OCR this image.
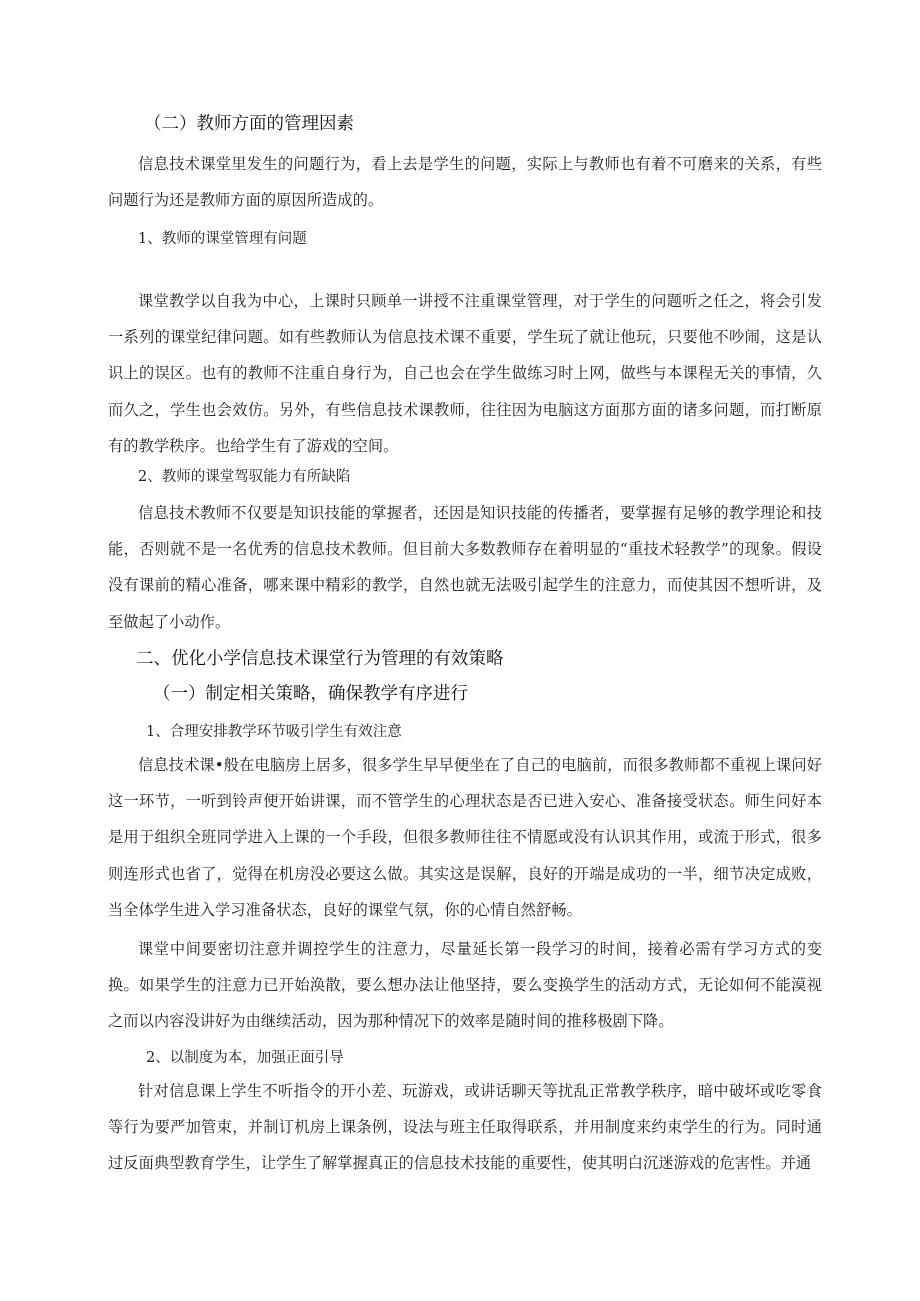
（二）教师方面的管理因素

信息技术课堂里发生的问题行为，看上去是学生的问题，实际上与教师也有着不可磨来的关系，有些问题行为还是教师方面的原因所造成的。

1、教师的课堂管理有问题

课堂教学以自我为中心，上课时只顾单一讲授不注重课堂管理，对于学生的问题听之任之，将会引发一系列的课堂纪律问题。如有些教师认为信息技术课不重要，学生玩了就让他玩，只要他不吵闹，这是认识上的误区。也有的教师不注重自身行为，自己也会在学生做练习时上网，做些与本课程无关的事情，久而久之，学生也会效仿。另外，有些信息技术课教师，往往因为电脑这方面那方面的诸多问题，而打断原有的教学秩序。也给学生有了游戏的空间。

2、教师的课堂驾驭能力有所缺陷

信息技术教师不仅要是知识技能的掌握者，还因是知识技能的传播者，要掌握有足够的教学理论和技能，否则就不是一名优秀的信息技术教师。但目前大多数教师存在着明显的“重技术轻教学”的现象。假设没有课前的精心准备，哪来课中精彩的教学，自然也就无法吸引起学生的注意力，而使其因不想听讲，及至做起了小动作。

二、优化小学信息技术课堂行为管理的有效策略
（一）制定相关策略，确保教学有序进行
1、合理安排教学环节吸引学生有效注意

信息技术课•般在电脑房上居多，很多学生早早便坐在了自己的电脑前，而很多教师都不重视上课问好这一环节，一听到铃声便开始讲课，而不管学生的心理状态是否已进入安心、准备接受状态。师生问好本是用于组织全班同学进入上课的一个手段，但很多教师往往不情愿或没有认识其作用，或流于形式，很多则连形式也省了，觉得在机房没必要这么做。其实这是误解，良好的开端是成功的一半，细节决定成败，当全体学生进入学习准备状态，良好的课堂气氛，你的心情自然舒畅。

课堂中间要密切注意并调控学生的注意力，尽量延长第一段学习的时间，接着必需有学习方式的变换。如果学生的注意力已开始涣散，要么想办法让他坚持，要么变换学生的活动方式，无论如何不能漠视之而以内容没讲好为由继续活动，因为那种情况下的效率是随时间的推移极剧下降。

2、以制度为本，加强正面引导

针对信息课上学生不听指令的开小差、玩游戏，或讲话聊天等扰乱正常教学秩序，暗中破坏或吃零食等行为要严加管束，并制订机房上课条例，设法与班主任取得联系，并用制度来约束学生的行为。同时通过反面典型教育学生，让学生了解掌握真正的信息技术技能的重要性，使其明白沉迷游戏的危害性。并通
